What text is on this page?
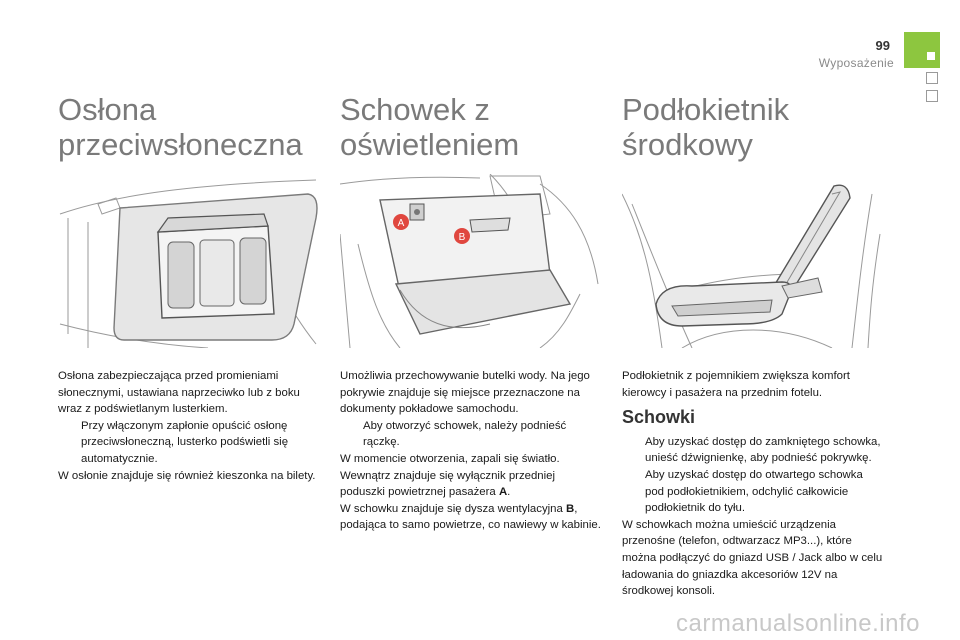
99
Wyposażenie
Osłona
przeciwsłoneczna

Osłona zabezpieczająca przed promieniami słonecznymi, ustawiana naprzeciwko lub z boku wraz z podświetlanym lusterkiem.

Przy włączonym zapłonie opuścić osłonę przeciwsłoneczną, lusterko podświetli się automatycznie.

W osłonie znajduje się również kieszonka na bilety.

Schowek z
oświetleniem
A
B

Umożliwia przechowywanie butelki wody. Na jego pokrywie znajduje się miejsce przeznaczone na dokumenty pokładowe samochodu.

Aby otworzyć schowek, należy podnieść rączkę.

W momencie otworzenia, zapali się światło. Wewnątrz znajduje się wyłącznik przedniej poduszki powietrznej pasażera A.

W schowku znajduje się dysza wentylacyjna B, podająca to samo powietrze, co nawiewy w kabinie.

Podłokietnik
środkowy

Podłokietnik z pojemnikiem zwiększa komfort kierowcy i pasażera na przednim fotelu.

Schowki

Aby uzyskać dostęp do zamkniętego schowka, unieść dźwignienkę, aby podnieść pokrywkę.

Aby uzyskać dostęp do otwartego schowka pod podłokietnikiem, odchylić całkowicie podłokietnik do tyłu.

W schowkach można umieścić urządzenia przenośne (telefon, odtwarzacz MP3...), które można podłączyć do gniazd USB / Jack albo w celu ładowania do gniazdka akcesoriów 12V na środkowej konsoli.

carmanualsonline.info
